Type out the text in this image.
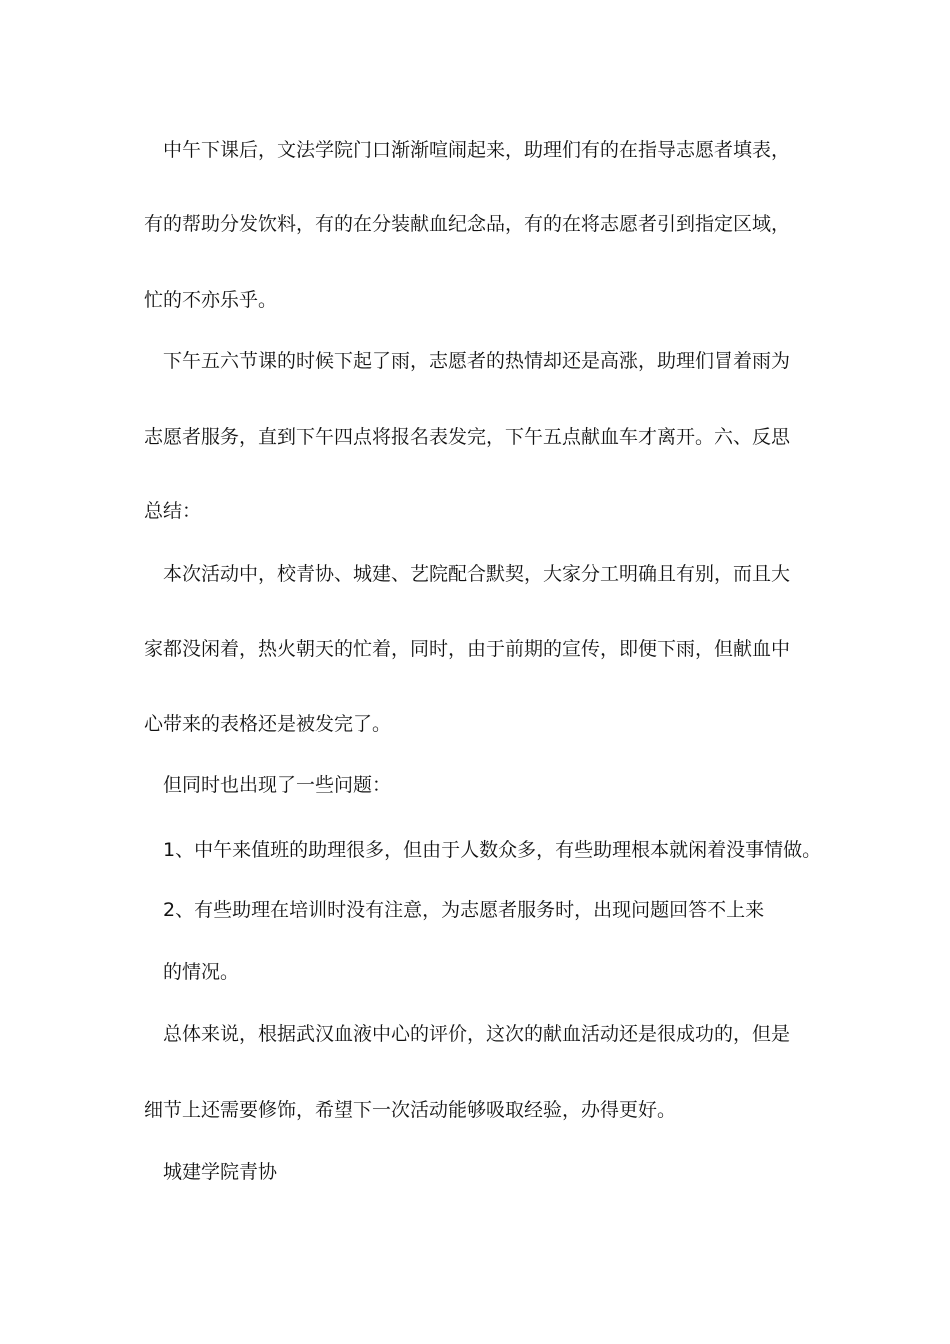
中午下课后，文法学院门口渐渐喧闹起来，助理们有的在指导志愿者填表，
有的帮助分发饮料，有的在分装献血纪念品，有的在将志愿者引到指定区域，
忙的不亦乐乎。
下午五六节课的时候下起了雨，志愿者的热情却还是高涨，助理们冒着雨为
志愿者服务，直到下午四点将报名表发完，下午五点献血车才离开。六、反思
总结：
本次活动中，校青协、城建、艺院配合默契，大家分工明确且有别，而且大
家都没闲着，热火朝天的忙着，同时，由于前期的宣传，即便下雨，但献血中
心带来的表格还是被发完了。
但同时也出现了一些问题：
1、中午来值班的助理很多，但由于人数众多，有些助理根本就闲着没事情做。
2、有些助理在培训时没有注意，为志愿者服务时，出现问题回答不上来
的情况。
总体来说，根据武汉血液中心的评价，这次的献血活动还是很成功的，但是
细节上还需要修饰，希望下一次活动能够吸取经验，办得更好。
城建学院青协
